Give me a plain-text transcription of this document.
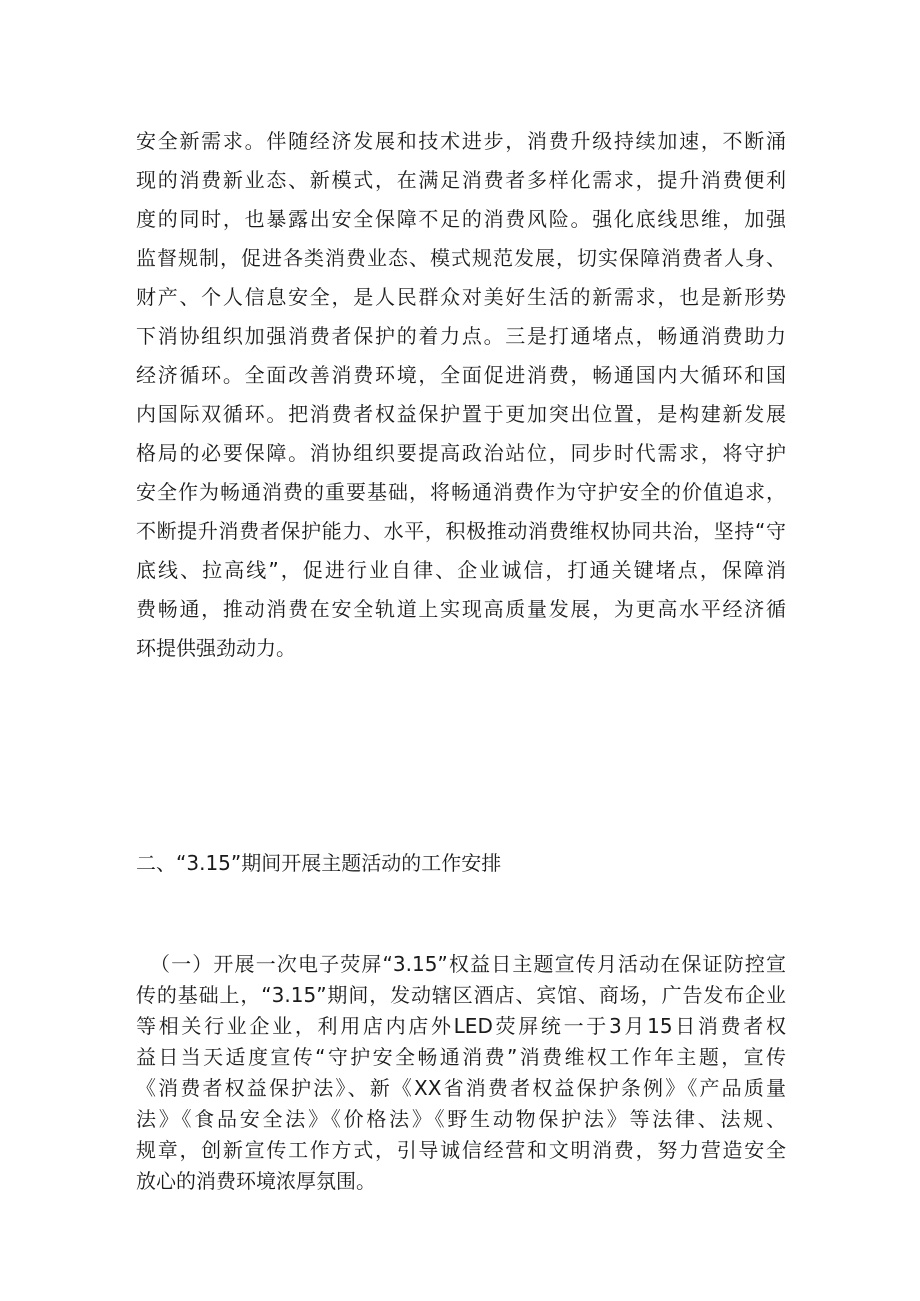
安全新需求。伴随经济发展和技术进步，消费升级持续加速，不断涌
现的消费新业态、新模式，在满足消费者多样化需求，提升消费便利
度的同时，也暴露出安全保障不足的消费风险。强化底线思维，加强
监督规制，促进各类消费业态、模式规范发展，切实保障消费者人身、
财产、个人信息安全，是人民群众对美好生活的新需求，也是新形势
下消协组织加强消费者保护的着力点。三是打通堵点，畅通消费助力
经济循环。全面改善消费环境，全面促进消费，畅通国内大循环和国
内国际双循环。把消费者权益保护置于更加突出位置，是构建新发展
格局的必要保障。消协组织要提高政治站位，同步时代需求，将守护
安全作为畅通消费的重要基础，将畅通消费作为守护安全的价值追求，
不断提升消费者保护能力、水平，积极推动消费维权协同共治，坚持“守
底线、拉高线”，促进行业自律、企业诚信，打通关键堵点，保障消
费畅通，推动消费在安全轨道上实现高质量发展，为更高水平经济循
环提供强劲动力。
二、“3.15”期间开展主题活动的工作安排
（一）开展一次电子荧屏“3.15”权益日主题宣传月活动在保证防控宣
传的基础上，“3.15”期间，发动辖区酒店、宾馆、商场，广告发布企业
等相关行业企业，利用店内店外LED荧屏统一于3月15日消费者权
益日当天适度宣传“守护安全畅通消费”消费维权工作年主题，宣传
《消费者权益保护法》、新《XX省消费者权益保护条例》《产品质量
法》《食品安全法》《价格法》《野生动物保护法》等法律、法规、
规章，创新宣传工作方式，引导诚信经营和文明消费，努力营造安全
放心的消费环境浓厚氛围。
